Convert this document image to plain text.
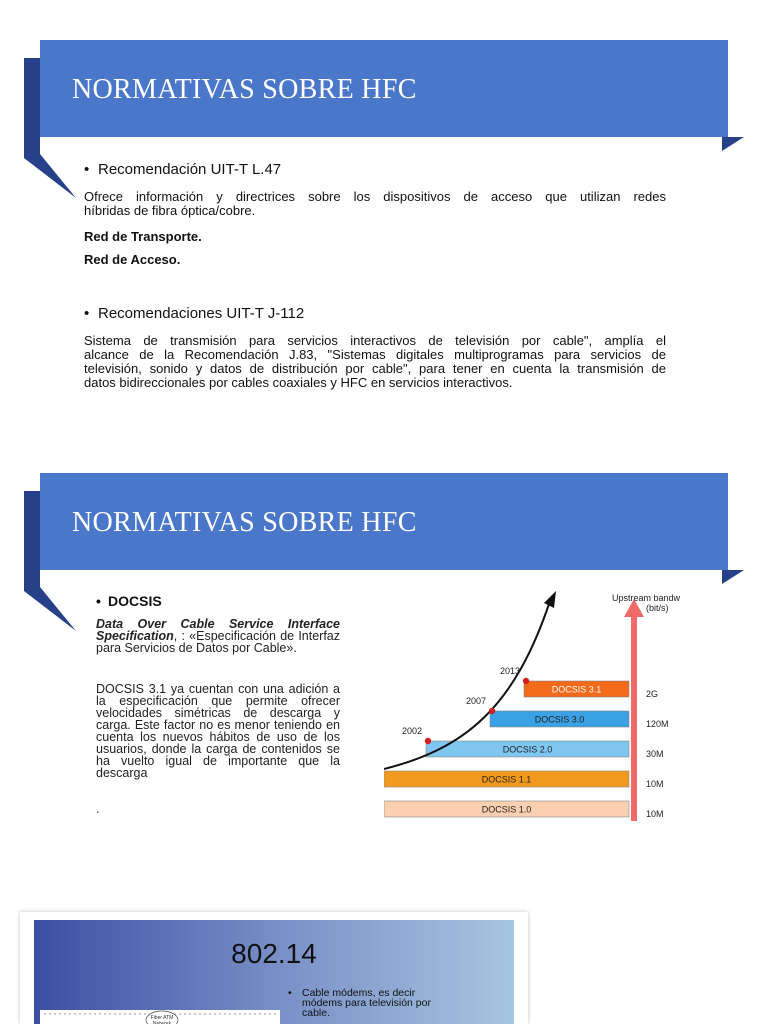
NORMATIVAS SOBRE HFC
• Recomendación UIT-T L.47
Ofrece información y directrices sobre los dispositivos de acceso que utilizan redes
híbridas de fibra óptica/cobre.
Red de Transporte.
Red de Acceso.
• Recomendaciones UIT-T J-112
Sistema de transmisión para servicios interactivos de televisión por cable", amplía el
alcance de la Recomendación J.83, "Sistemas digitales multiprogramas para servicios de
televisión, sonido y datos de distribución por cable", para tener en cuenta la transmisión de
datos bidireccionales por cables coaxiales y HFC en servicios interactivos.
NORMATIVAS SOBRE HFC
• DOCSIS
Data Over Cable Service Interface Specification, : «Especificación de Interfaz para Servicios de Datos por Cable».
DOCSIS 3.1 ya cuentan con una adición a la especificación que permite ofrecer velocidades simétricas de descarga y carga. Este factor no es menor teniendo en cuenta los nuevos hábitos de uso de los usuarios, donde la carga de contenidos se ha vuelto igual de importante que la descarga
.	DOCSIS 1.0
DOCSIS 1.1
DOCSIS 2.0
DOCSIS 3.0
DOCSIS 3.1
2002
2007
2013
10M
10M
30M
120M
2G
Upstream bandw
(bit/s)
802.14
• Cable módems, es decir
módems para televisión por
cable.
Fiber ATM
Network
